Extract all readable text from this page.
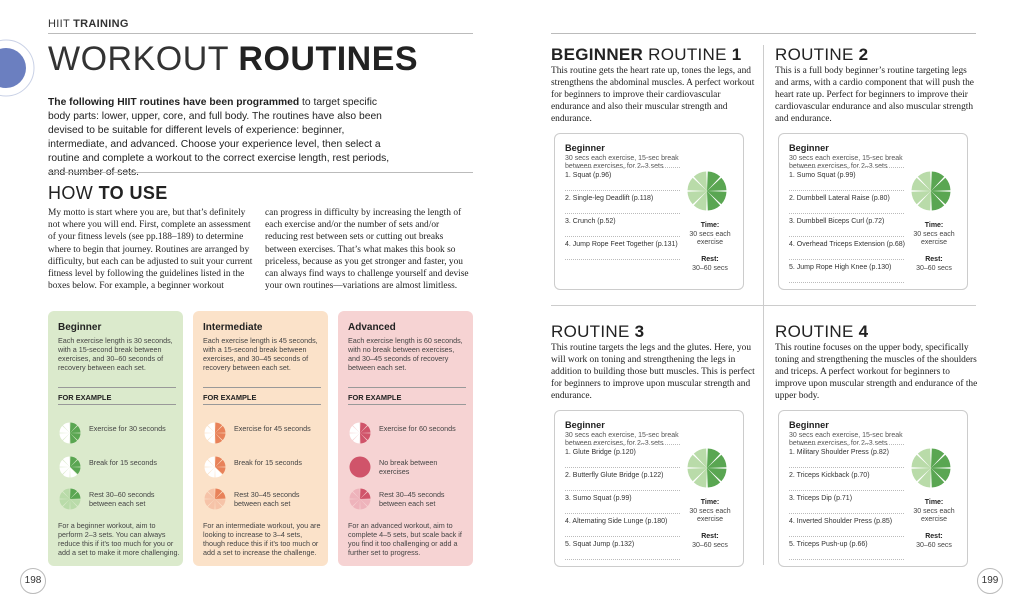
HIIT TRAINING
WORKOUT ROUTINES
The following HIIT routines have been programmed to target specific body parts: lower, upper, core, and full body. The routines have also been devised to be suitable for different levels of experience: beginner, intermediate, and advanced. Choose your experience level, then select a routine and complete a workout to the correct exercise length, rest periods,
HOW TO USE
My motto is start where you are, but that’s definitely not where you will end. First, complete an assessment of your fitness levels (see pp.188–189) to determine where to begin that journey. Routines are arranged by difficulty, but each can be adjusted to suit your current fitness level by following the guidelines listed in the boxes below. For example, a beginner workout
can progress in difficulty by increasing the length of each exercise and/or the number of sets and/or reducing rest between sets or cutting out breaks between exercises. That’s what makes this book so priceless, because as you get stronger and faster, you can always find ways to challenge yourself and devise your own routines—variations are almost limitless.
Beginner
Each exercise length is 30 seconds, with a 15-second break between exercises, and 30–60 seconds of recovery between each set.
FOR EXAMPLE
Exercise for 30 seconds
Break for 15 seconds
Rest 30–60 seconds between each set
For a beginner workout, aim to perform 2–3 sets. You can always reduce this if it’s too much for you or add a set to make it more challenging.
Intermediate
Each exercise length is 45 seconds, with a 15-second break between exercises, and 30–45 seconds of recovery between each set.
FOR EXAMPLE
Exercise for 45 seconds
Break for 15 seconds
Rest 30–45 seconds between each set
For an intermediate workout, you are looking to increase to 3–4 sets, though reduce this if it’s too much or add a set to increase the challenge.
Advanced
Each exercise length is 60 seconds, with no break between exercises, and 30–45 seconds of recovery between each set.
FOR EXAMPLE
Exercise for 60 seconds
No break between exercises
Rest 30–45 seconds between each set
For an advanced workout, aim to complete 4–5 sets, but scale back if you find it too challenging or add a further set to progress.
BEGINNER ROUTINE 1
This routine gets the heart rate up, tones the legs, and strengthens the abdominal muscles. A perfect workout for beginners to improve their cardiovascular endurance and also their muscular strength and endurance.
Beginner
30 secs each exercise, 15-sec break between exercises, for 2–3 sets
1. Squat (p.96)
2. Single-leg Deadlift (p.118)
3. Crunch (p.52)
4. Jump Rope Feet Together (p.131)
Time:
30 secs each exercise

Rest:
30–60 secs
ROUTINE 2
This is a full body beginner’s routine targeting legs and arms, with a cardio component that will push the heart rate up. Perfect for beginners to improve their cardiovascular endurance and also muscular strength and endurance.
Beginner
30 secs each exercise, 15-sec break between exercises, for 2–3 sets
1. Sumo Squat (p.99)
2. Dumbbell Lateral Raise (p.80)
3. Dumbbell Biceps Curl (p.72)
4. Overhead Triceps Extension (p.68)
5. Jump Rope High Knee (p.130)
Time:
30 secs each exercise

Rest:
30–60 secs
ROUTINE 3
This routine targets the legs and the glutes. Here, you will work on toning and strengthening the legs in addition to building those butt muscles. This is perfect for beginners to improve upon muscular strength and endurance.
Beginner
30 secs each exercise, 15-sec break between exercises, for 2–3 sets
1. Glute Bridge (p.120)
2. Butterfly Glute Bridge (p.122)
3. Sumo Squat (p.99)
4. Alternating Side Lunge (p.180)
5. Squat Jump (p.132)
Time:
30 secs each exercise

Rest:
30–60 secs
ROUTINE 4
This routine focuses on the upper body, specifically toning and strengthening the muscles of the shoulders and triceps. A perfect workout for beginners to improve upon muscular strength and endurance of the upper body.
Beginner
30 secs each exercise, 15-sec break between exercises, for 2–3 sets
1. Military Shoulder Press (p.82)
2. Triceps Kickback (p.70)
3. Triceps Dip (p.71)
4. Inverted Shoulder Press (p.85)
5. Triceps Push-up (p.66)
Time:
30 secs each exercise

Rest:
30–60 secs
198	199
